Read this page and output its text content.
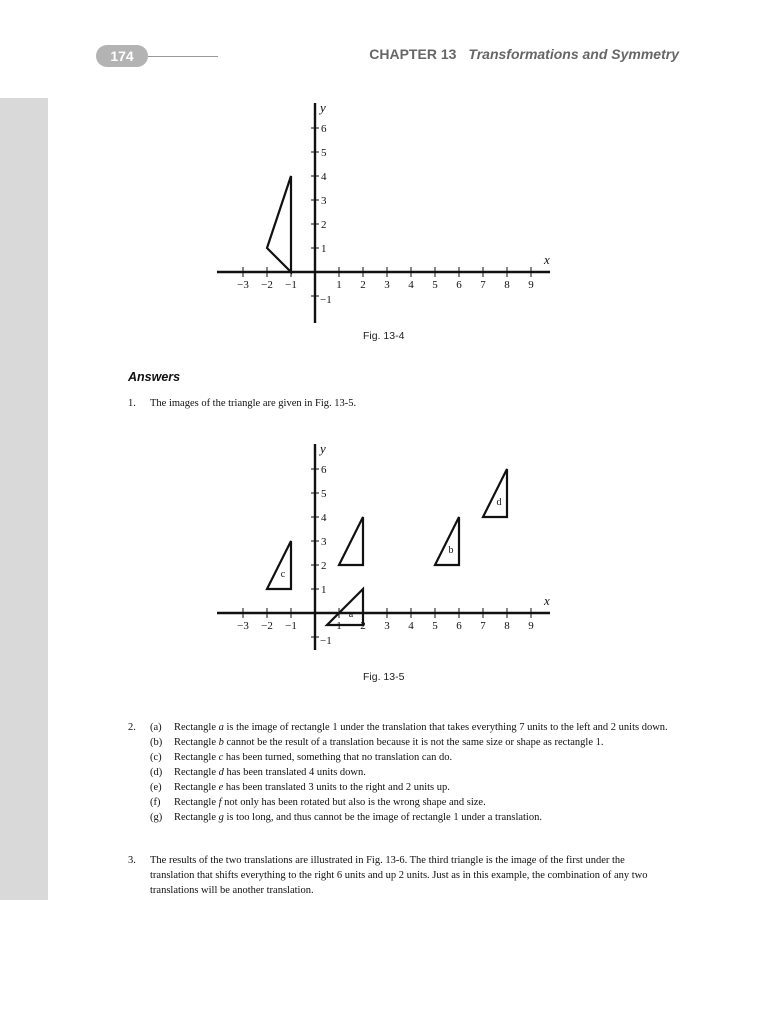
174	CHAPTER 13 Transformations and Symmetry
x
y
−3 −2 −1	1 2 3 4 5 6 7 8 9
1
2
3
4
5
6
−1
Fig. 13-4
Answers
1. The images of the triangle are given in Fig. 13-5.
x
y
−3 −2 −1	1 2 3 4 5 6 7 8 9
1
2
3
4
5
6
−1
a
b
c
d
Fig. 13-5
2. (a) Rectangle a is the image of rectangle 1 under the translation that takes everything 7 units to the left and 2 units down.
(b) Rectangle b cannot be the result of a translation because it is not the same size or shape as rectangle 1.
(c) Rectangle c has been turned, something that no translation can do.
(d) Rectangle d has been translated 4 units down.
(e) Rectangle e has been translated 3 units to the right and 2 units up.
(f) Rectangle f not only has been rotated but also is the wrong shape and size.
(g) Rectangle g is too long, and thus cannot be the image of rectangle 1 under a translation.
3. The results of the two translations are illustrated in Fig. 13-6. The third triangle is the image of the first under the translation that shifts everything to the right 6 units and up 2 units. Just as in this example, the combination of any two translations will be another translation.
